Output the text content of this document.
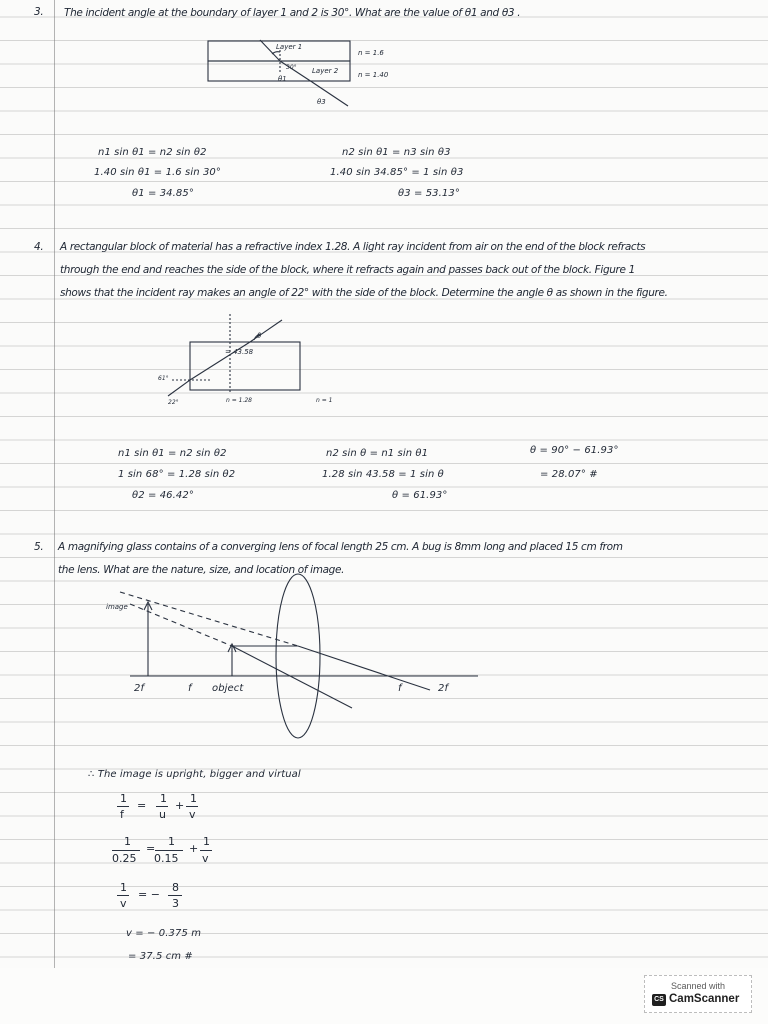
3. The incident angle at the boundary of layer 1 and 2 is 30°. What are the value of θ1 and θ3 .
Layer 1
Layer 2
30°
θ1
θ3
n = 1.6
n = 1.40
n1 sin θ1 = n2 sin θ2
1.40 sin θ1 = 1.6 sin 30°
θ1 = 34.85°
n2 sin θ1 = n3 sin θ3
1.40 sin 34.85° = 1 sin θ3
θ3 = 53.13°
4. A rectangular block of material has a refractive index 1.28. A light ray incident from air on the end of the block refracts
through the end and reaches the side of the block, where it refracts again and passes back out of the block. Figure 1
shows that the incident ray makes an angle of 22° with the side of the block. Determine the angle θ as shown in the figure.
θ
= 43.58
61°
22°	n = 1.28	n = 1
n1 sin θ1 = n2 sin θ2
1 sin 68° = 1.28 sin θ2
θ2 = 46.42°
n2 sin θ = n1 sin θ1
1.28 sin 43.58 = 1 sin θ
θ = 61.93°
θ = 90° − 61.93°
= 28.07° #
5. A magnifying glass contains of a converging lens of focal length 25 cm. A bug is 8mm long and placed 15 cm from
the lens. What are the nature, size, and location of image.
image
2f	f object	f	2f
∴ The image is upright, bigger and virtual
1
f
=
1
u
+
1
v
1
0.25
=
1
0.15
+
1
v
1
v
= −
8
3
v = − 0.375 m
= 37.5 cm #
Scanned with
CS CamScanner
